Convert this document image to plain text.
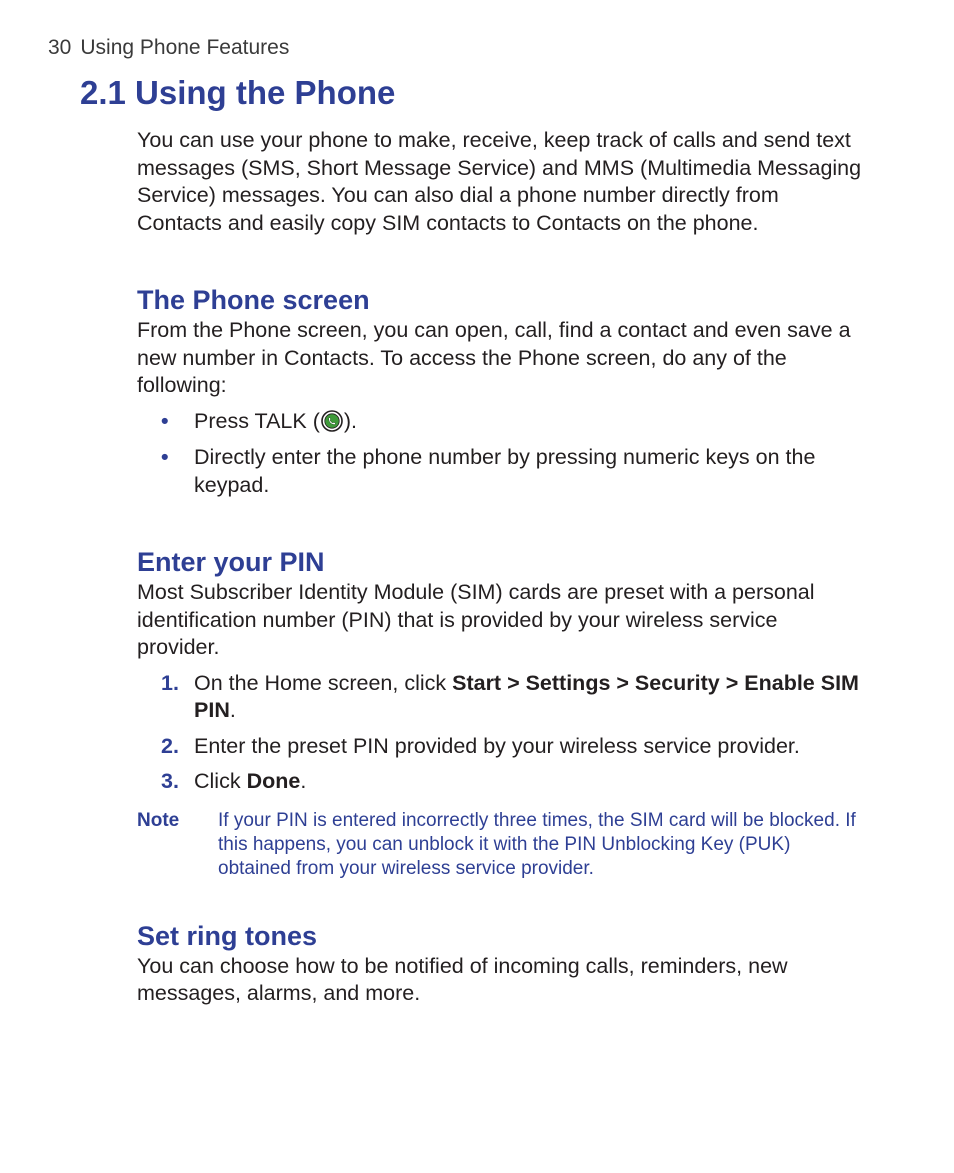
30 Using Phone Features
2.1 Using the Phone

You can use your phone to make, receive, keep track of calls and send text messages (SMS, Short Message Service) and MMS (Multimedia Messaging Service) messages. You can also dial a phone number directly from Contacts and easily copy SIM contacts to Contacts on the phone.

The Phone screen

From the Phone screen, you can open, call, find a contact and even save a new number in Contacts. To access the Phone screen, do any of the following:

• Press TALK ( ).
• Directly enter the phone number by pressing numeric keys on the keypad.
Enter your PIN

Most Subscriber Identity Module (SIM) cards are preset with a personal identification number (PIN) that is provided by your wireless service provider.

1. On the Home screen, click Start > Settings > Security > Enable SIM PIN.
2. Enter the preset PIN provided by your wireless service provider.
3. Click Done.
Note If your PIN is entered incorrectly three times, the SIM card will be blocked. If this happens, you can unblock it with the PIN Unblocking Key (PUK) obtained from your wireless service provider.
Set ring tones

You can choose how to be notified of incoming calls, reminders, new messages, alarms, and more.
